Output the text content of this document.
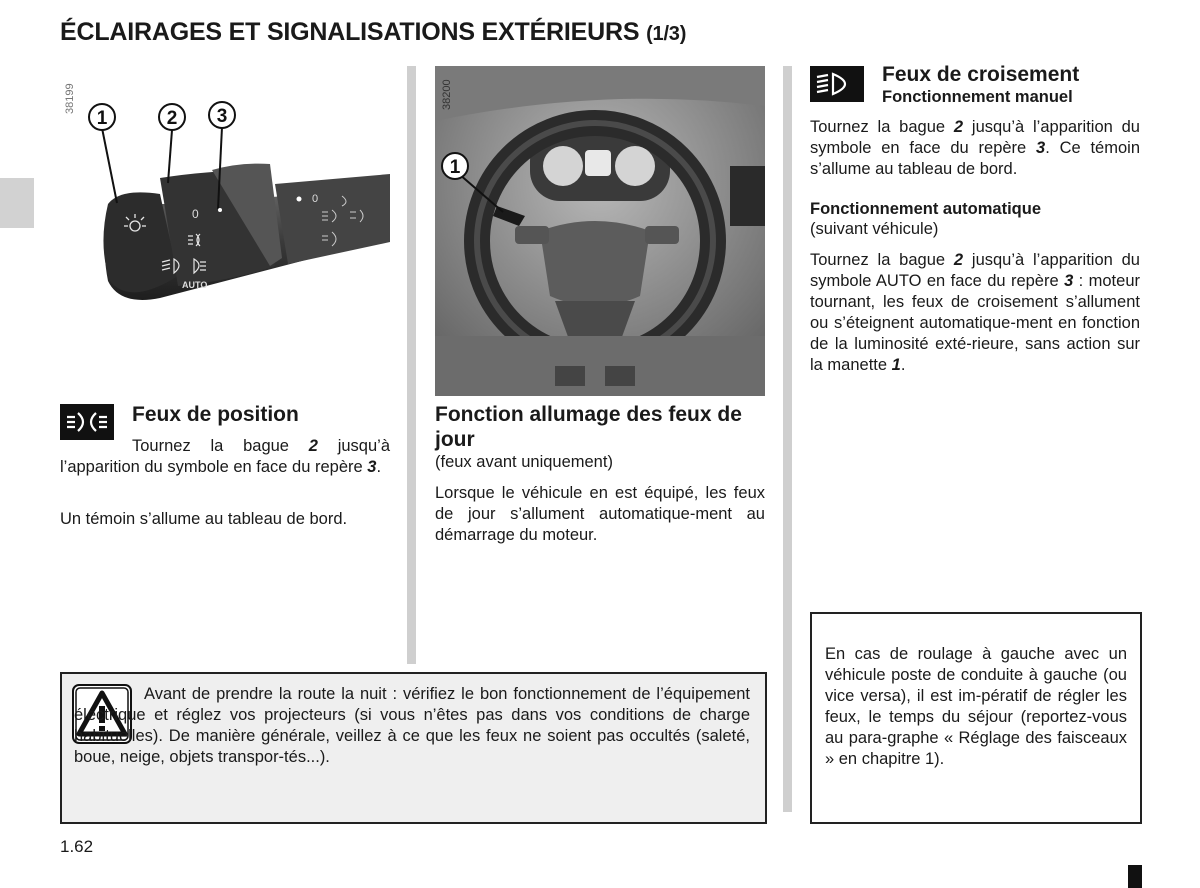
ÉCLAIRAGES ET SIGNALISATIONS EXTÉRIEURS (1/3)
1	2 3
0
0
AUTO
38199
1
38200
Feux de position

Tournez la bague 2 jusqu’à l’apparition du symbole en face du repère 3.

Un témoin s’allume au tableau de bord.

Fonction allumage des feux de jour

(feux avant uniquement)

Lorsque le véhicule en est équipé, les feux de jour s’allument automatique-ment au démarrage du moteur.

Feux de croisement
Fonctionnement manuel

Tournez la bague 2 jusqu’à l’apparition du symbole en face du repère 3. Ce témoin s’allume au tableau de bord.

Fonctionnement automatique
(suivant véhicule)

Tournez la bague 2 jusqu’à l’apparition du symbole AUTO en face du repère 3 : moteur tournant, les feux de croisement s’allument ou s’éteignent automatique-ment en fonction de la luminosité exté-rieure, sans action sur la manette 1.

Avant de prendre la route la nuit : vérifiez le bon fonctionnement de l’équipement électrique et réglez vos projecteurs (si vous n’êtes pas dans vos conditions de charge habituelles). De manière générale, veillez à ce que les feux ne soient pas occultés (saleté, boue, neige, objets transpor-tés...).

En cas de roulage à gauche avec un véhicule poste de conduite à gauche (ou vice versa), il est im-pératif de régler les feux, le temps du séjour (reportez-vous au para-graphe « Réglage des faisceaux » en chapitre 1).

1.62
